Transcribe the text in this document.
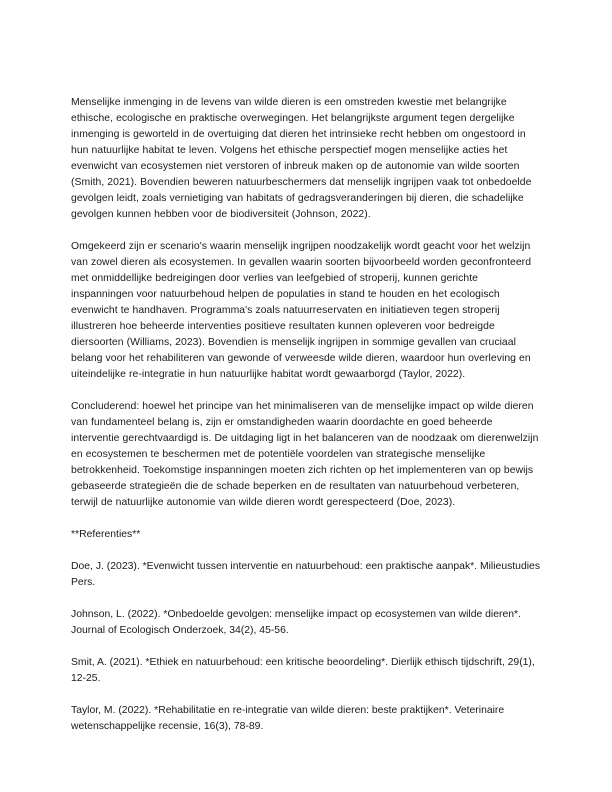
Menselijke inmenging in de levens van wilde dieren is een omstreden kwestie met belangrijke ethische, ecologische en praktische overwegingen. Het belangrijkste argument tegen dergelijke inmenging is geworteld in de overtuiging dat dieren het intrinsieke recht hebben om ongestoord in hun natuurlijke habitat te leven. Volgens het ethische perspectief mogen menselijke acties het evenwicht van ecosystemen niet verstoren of inbreuk maken op de autonomie van wilde soorten (Smith, 2021). Bovendien beweren natuurbeschermers dat menselijk ingrijpen vaak tot onbedoelde gevolgen leidt, zoals vernietiging van habitats of gedragsveranderingen bij dieren, die schadelijke gevolgen kunnen hebben voor de biodiversiteit (Johnson, 2022).

Omgekeerd zijn er scenario's waarin menselijk ingrijpen noodzakelijk wordt geacht voor het welzijn van zowel dieren als ecosystemen. In gevallen waarin soorten bijvoorbeeld worden geconfronteerd met onmiddellijke bedreigingen door verlies van leefgebied of stroperij, kunnen gerichte inspanningen voor natuurbehoud helpen de populaties in stand te houden en het ecologisch evenwicht te handhaven. Programma's zoals natuurreservaten en initiatieven tegen stroperij illustreren hoe beheerde interventies positieve resultaten kunnen opleveren voor bedreigde diersoorten (Williams, 2023). Bovendien is menselijk ingrijpen in sommige gevallen van cruciaal belang voor het rehabiliteren van gewonde of verweesde wilde dieren, waardoor hun overleving en uiteindelijke re-integratie in hun natuurlijke habitat wordt gewaarborgd (Taylor, 2022).

Concluderend: hoewel het principe van het minimaliseren van de menselijke impact op wilde dieren van fundamenteel belang is, zijn er omstandigheden waarin doordachte en goed beheerde interventie gerechtvaardigd is. De uitdaging ligt in het balanceren van de noodzaak om dierenwelzijn en ecosystemen te beschermen met de potentiële voordelen van strategische menselijke betrokkenheid. Toekomstige inspanningen moeten zich richten op het implementeren van op bewijs gebaseerde strategieën die de schade beperken en de resultaten van natuurbehoud verbeteren, terwijl de natuurlijke autonomie van wilde dieren wordt gerespecteerd (Doe, 2023).

**Referenties**

Doe, J. (2023). *Evenwicht tussen interventie en natuurbehoud: een praktische aanpak*. Milieustudies Pers.

Johnson, L. (2022). *Onbedoelde gevolgen: menselijke impact op ecosystemen van wilde dieren*. Journal of Ecologisch Onderzoek, 34(2), 45-56.

Smit, A. (2021). *Ethiek en natuurbehoud: een kritische beoordeling*. Dierlijk ethisch tijdschrift, 29(1), 12-25.

Taylor, M. (2022). *Rehabilitatie en re-integratie van wilde dieren: beste praktijken*. Veterinaire wetenschappelijke recensie, 16(3), 78-89.
